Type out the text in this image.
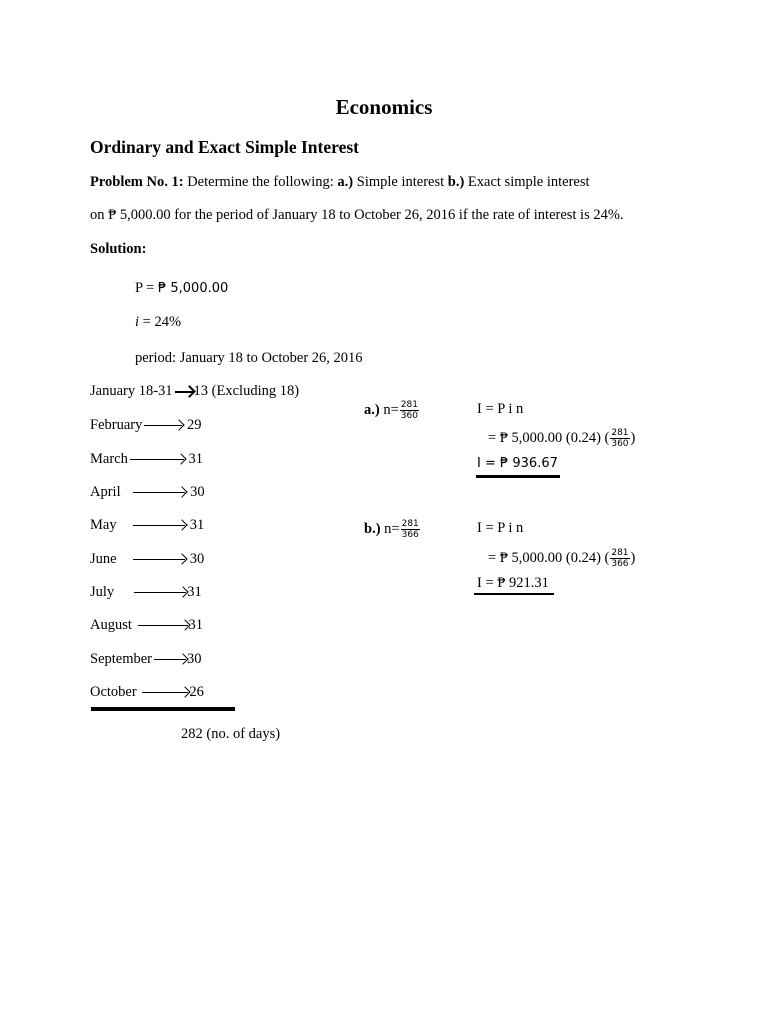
Economics
Ordinary and Exact Simple Interest
Problem No. 1: Determine the following: a.) Simple interest b.) Exact simple interest
on ₱ 5,000.00 for the period of January 18 to October 26, 2016 if the rate of interest is 24%.
Solution:
P = ₱ 5,000.00
i = 24%
period: January 18 to October 26, 2016
January 18-31 13 (Excluding 18)
February	29
March	31
April	30
May	31
June	30
July	31
August	31
September 30
October	26
282 (no. of days)
a.) $n= \frac{281}{360}$	I = P i n
= ₱ 5,000.00 (0.24) ( $\frac{281}{360}$ )
I = ₱ 936.67
b.) $n= \frac{281}{366}$	I = P i n
= ₱ 5,000.00 (0.24) ( $\frac{281}{366}$ )
I = ₱ 921.31
